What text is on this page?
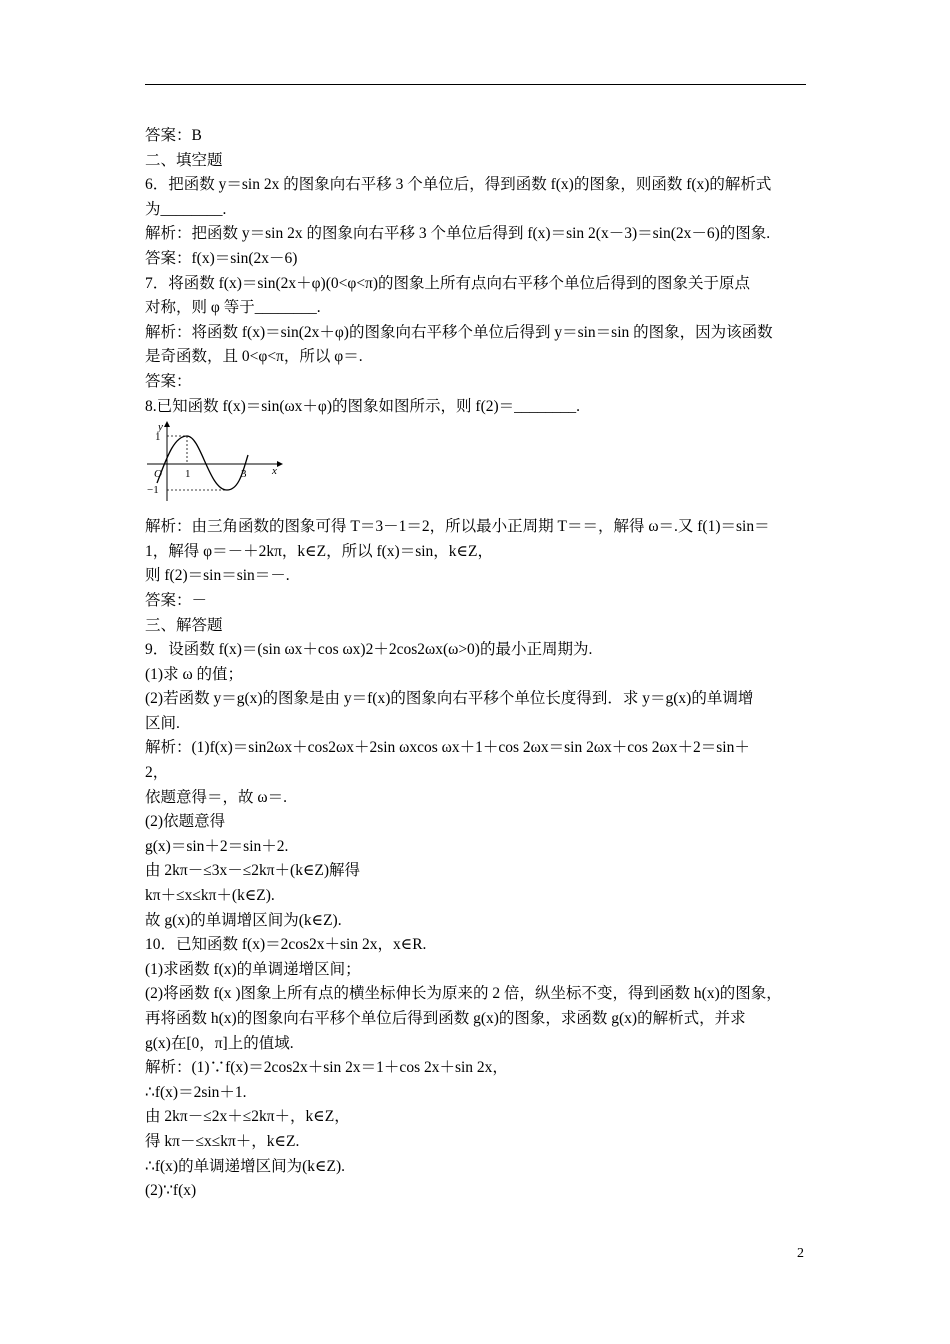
答案：B
二、填空题
6．把函数 y＝sin 2x 的图象向右平移 3 个单位后，得到函数 f(x)的图象，则函数 f(x)的解析式
为________.
解析：把函数 y＝sin 2x 的图象向右平移 3 个单位后得到 f(x)＝sin 2(x－3)＝sin(2x－6)的图象.
答案：f(x)＝sin(2x－6)
7．将函数 f(x)＝sin(2x＋φ)(0<φ<π)的图象上所有点向右平移个单位后得到的图象关于原点
对称，则 φ 等于________.
解析：将函数 f(x)＝sin(2x＋φ)的图象向右平移个单位后得到 y＝sin＝sin 的图象，因为该函数
是奇函数，且 0<φ<π，所以 φ＝.
答案：
8.已知函数 f(x)＝sin(ωx＋φ)的图象如图所示，则 f(2)＝________.
y
x
O
1
−1
1	3
解析：由三角函数的图象可得 T＝3－1＝2，所以最小正周期 T＝＝，解得 ω＝.又 f(1)＝sin＝
1，解得 φ＝－＋2kπ，k∈Z，所以 f(x)＝sin，k∈Z，
则 f(2)＝sin＝sin＝－.
答案：－
三、解答题
9．设函数 f(x)＝(sin ωx＋cos ωx)2＋2cos2ωx(ω>0)的最小正周期为.
(1)求 ω 的值；
(2)若函数 y＝g(x)的图象是由 y＝f(x)的图象向右平移个单位长度得到．求 y＝g(x)的单调增
区间.
解析：(1)f(x)＝sin2ωx＋cos2ωx＋2sin ωxcos ωx＋1＋cos 2ωx＝sin 2ωx＋cos 2ωx＋2＝sin＋
2，
依题意得＝，故 ω＝.
(2)依题意得
g(x)＝sin＋2＝sin＋2.
由 2kπ－≤3x－≤2kπ＋(k∈Z)解得
kπ＋≤x≤kπ＋(k∈Z).
故 g(x)的单调增区间为(k∈Z).
10．已知函数 f(x)＝2cos2x＋sin 2x，x∈R.
(1)求函数 f(x)的单调递增区间；
(2)将函数 f(x )图象上所有点的横坐标伸长为原来的 2 倍，纵坐标不变，得到函数 h(x)的图象，
再将函数 h(x)的图象向右平移个单位后得到函数 g(x)的图象，求函数 g(x)的解析式，并求
g(x)在[0，π]上的值域.
解析：(1)∵f(x)＝2cos2x＋sin 2x＝1＋cos 2x＋sin 2x，
∴f(x)＝2sin＋1.
由 2kπ－≤2x＋≤2kπ＋，k∈Z，
得 kπ－≤x≤kπ＋，k∈Z.
∴f(x)的单调递增区间为(k∈Z).
(2)∵f(x)
2
